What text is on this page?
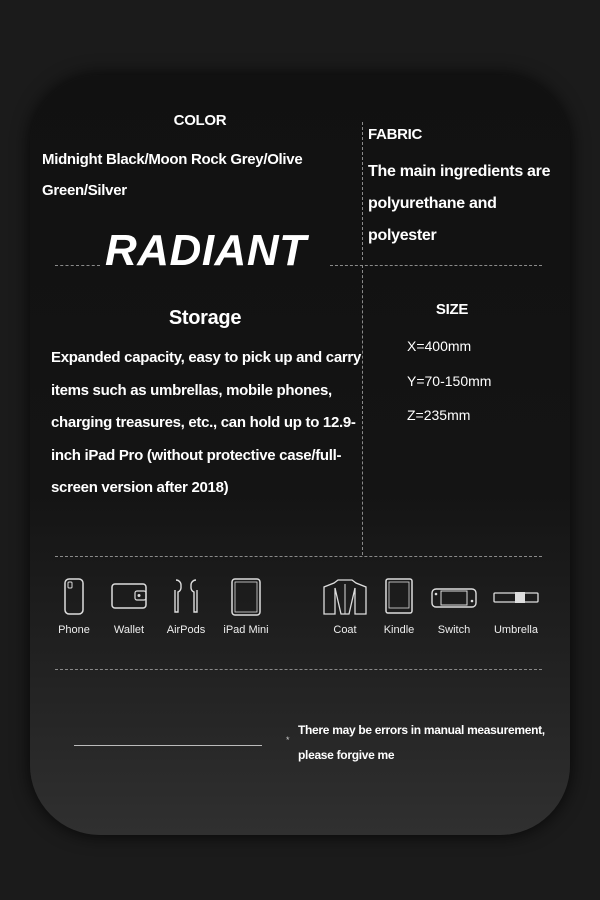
COLOR
Midnight Black/Moon Rock Grey/Olive Green/Silver
FABRIC
The main ingredients are polyurethane and polyester
RADIANT
Storage
Expanded capacity, easy to pick up and carry items such as umbrellas, mobile phones, charging treasures, etc., can hold up to 12.9-inch iPad Pro (without protective case/full-screen version after 2018)
SIZE
X=400mm
Y=70-150mm
Z=235mm
Phone	Wallet	AirPods	iPad Mini	Coat	Kindle	Switch	Umbrella
*
There may be errors in manual measurement, please forgive me
